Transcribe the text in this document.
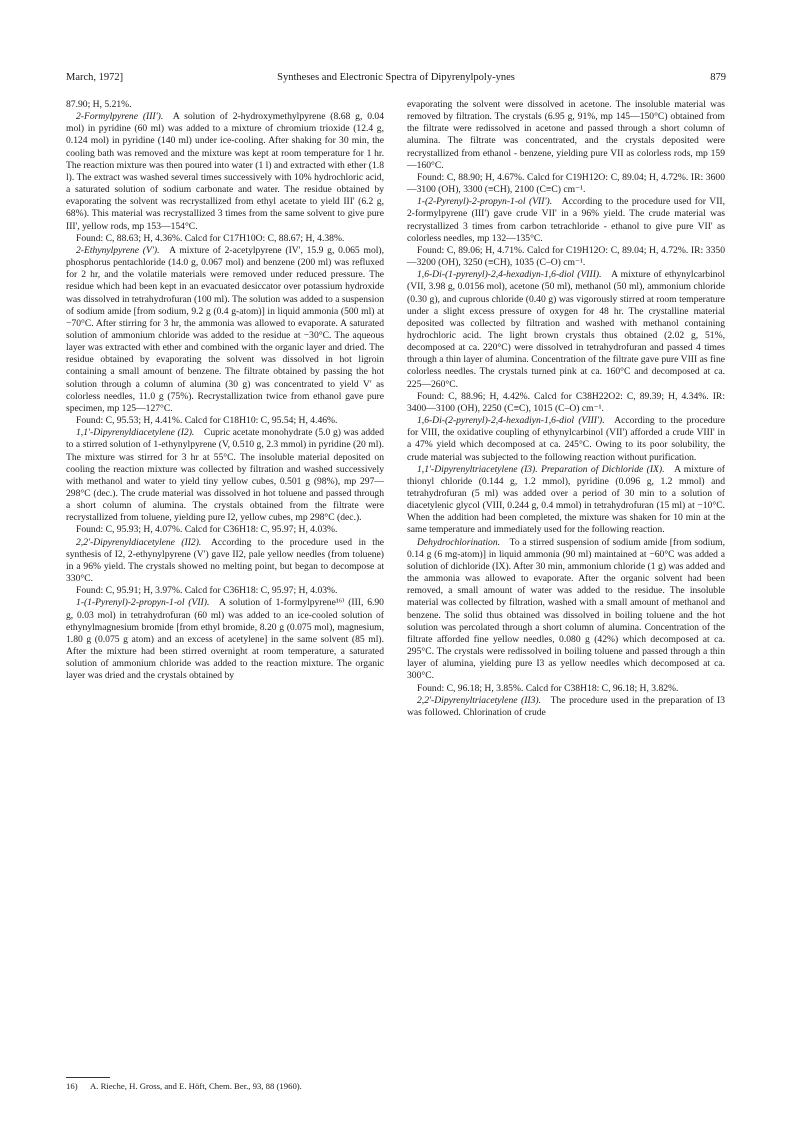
March, 1972]	Syntheses and Electronic Spectra of Dipyrenylpoly-ynes	879

87.90; H, 5.21%.

2-Formylpyrene (III').  A solution of 2-hydroxymethylpyrene (8.68 g, 0.04 mol) in pyridine (60 ml) was added to a mixture of chromium trioxide (12.4 g, 0.124 mol) in pyridine (140 ml) under ice-cooling. After shaking for 30 min, the cooling bath was removed and the mixture was kept at room temperature for 1 hr. The reaction mixture was then poured into water (1 l) and extracted with ether (1.8 l). The extract was washed several times successively with 10% hydrochloric acid, a saturated solution of sodium carbonate and water. The residue obtained by evaporating the solvent was recrystallized from ethyl acetate to yield III' (6.2 g, 68%). This material was recrystallized 3 times from the same solvent to give pure III', yellow rods, mp 153—154°C.

Found: C, 88.63; H, 4.36%. Calcd for C17H10O: C, 88.67; H, 4.38%.

2-Ethynylpyrene (V').  A mixture of 2-acetylpyrene (IV', 15.9 g, 0.065 mol), phosphorus pentachloride (14.0 g, 0.067 mol) and benzene (200 ml) was refluxed for 2 hr, and the volatile materials were removed under reduced pressure. The residue which had been kept in an evacuated desiccator over potassium hydroxide was dissolved in tetrahydrofuran (100 ml). The solution was added to a suspension of sodium amide [from sodium, 9.2 g (0.4 g-atom)] in liquid ammonia (500 ml) at −70°C. After stirring for 3 hr, the ammonia was allowed to evaporate. A saturated solution of ammonium chloride was added to the residue at −30°C. The aqueous layer was extracted with ether and combined with the organic layer and dried. The residue obtained by evaporating the solvent was dissolved in hot ligroin containing a small amount of benzene. The filtrate obtained by passing the hot solution through a column of alumina (30 g) was concentrated to yield V' as colorless needles, 11.0 g (75%). Recrystallization twice from ethanol gave pure specimen, mp 125—127°C.

Found: C, 95.53; H, 4.41%. Calcd for C18H10: C, 95.54; H, 4.46%.

1,1'-Dipyrenyldiacetylene (I2).  Cupric acetate monohydrate (5.0 g) was added to a stirred solution of 1-ethynylpyrene (V, 0.510 g, 2.3 mmol) in pyridine (20 ml). The mixture was stirred for 3 hr at 55°C. The insoluble material deposited on cooling the reaction mixture was collected by filtration and washed successively with methanol and water to yield tiny yellow cubes, 0.501 g (98%), mp 297—298°C (dec.). The crude material was dissolved in hot toluene and passed through a short column of alumina. The crystals obtained from the filtrate were recrystallized from toluene, yielding pure I2, yellow cubes, mp 298°C (dec.).

Found: C, 95.93; H, 4.07%. Calcd for C36H18: C, 95.97; H, 4.03%.

2,2'-Dipyrenyldiacetylene (II2).  According to the procedure used in the synthesis of I2, 2-ethynylpyrene (V') gave II2, pale yellow needles (from toluene) in a 96% yield. The crystals showed no melting point, but began to decompose at 330°C.

Found: C, 95.91; H, 3.97%. Calcd for C36H18: C, 95.97; H, 4.03%.

1-(1-Pyrenyl)-2-propyn-1-ol (VII).  A solution of 1-formylpyrene¹⁶⁾ (III, 6.90 g, 0.03 mol) in tetrahydrofuran (60 ml) was added to an ice-cooled solution of ethynylmagnesium bromide [from ethyl bromide, 8.20 g (0.075 mol), magnesium, 1.80 g (0.075 g atom) and an excess of acetylene] in the same solvent (85 ml). After the mixture had been stirred overnight at room temperature, a saturated solution of ammonium chloride was added to the reaction mixture. The organic layer was dried and the crystals obtained by

evaporating the solvent were dissolved in acetone. The insoluble material was removed by filtration. The crystals (6.95 g, 91%, mp 145—150°C) obtained from the filtrate were redissolved in acetone and passed through a short column of alumina. The filtrate was concentrated, and the crystals deposited were recrystallized from ethanol - benzene, yielding pure VII as colorless rods, mp 159—160°C.

Found: C, 88.90; H, 4.67%. Calcd for C19H12O: C, 89.04; H, 4.72%. IR: 3600—3100 (OH), 3300 (≡CH), 2100 (C≡C) cm⁻¹.

1-(2-Pyrenyl)-2-propyn-1-ol (VII').  According to the procedure used for VII, 2-formylpyrene (III') gave crude VII' in a 96% yield. The crude material was recrystallized 3 times from carbon tetrachloride - ethanol to give pure VII' as colorless needles, mp 132—135°C.

Found: C, 89.06; H, 4.71%. Calcd for C19H12O: C, 89.04; H, 4.72%. IR: 3350—3200 (OH), 3250 (≡CH), 1035 (C–O) cm⁻¹.

1,6-Di-(1-pyrenyl)-2,4-hexadiyn-1,6-diol (VIII).  A mixture of ethynylcarbinol (VII, 3.98 g, 0.0156 mol), acetone (50 ml), methanol (50 ml), ammonium chloride (0.30 g), and cuprous chloride (0.40 g) was vigorously stirred at room temperature under a slight excess pressure of oxygen for 48 hr. The crystalline material deposited was collected by filtration and washed with methanol containing hydrochloric acid. The light brown crystals thus obtained (2.02 g, 51%, decomposed at ca. 220°C) were dissolved in tetrahydrofuran and passed 4 times through a thin layer of alumina. Concentration of the filtrate gave pure VIII as fine colorless needles. The crystals turned pink at ca. 160°C and decomposed at ca. 225—260°C.

Found: C, 88.96; H, 4.42%. Calcd for C38H22O2: C, 89.39; H, 4.34%. IR: 3400—3100 (OH), 2250 (C≡C), 1015 (C–O) cm⁻¹.

1,6-Di-(2-pyrenyl)-2,4-hexadiyn-1,6-diol (VIII').  According to the procedure for VIII, the oxidative coupling of ethynylcarbinol (VII') afforded a crude VIII' in a 47% yield which decomposed at ca. 245°C. Owing to its poor solubility, the crude material was subjected to the following reaction without purification.

1,1'-Dipyrenyltriacetylene (I3). Preparation of Dichloride (IX).  A mixture of thionyl chloride (0.144 g, 1.2 mmol), pyridine (0.096 g, 1.2 mmol) and tetrahydrofuran (5 ml) was added over a period of 30 min to a solution of diacetylenic glycol (VIII, 0.244 g, 0.4 mmol) in tetrahydrofuran (15 ml) at −10°C. When the addition had been completed, the mixture was shaken for 10 min at the same temperature and immediately used for the following reaction.

Dehydrochlorination.  To a stirred suspension of sodium amide [from sodium, 0.14 g (6 mg-atom)] in liquid ammonia (90 ml) maintained at −60°C was added a solution of dichloride (IX). After 30 min, ammonium chloride (1 g) was added and the ammonia was allowed to evaporate. After the organic solvent had been removed, a small amount of water was added to the residue. The insoluble material was collected by filtration, washed with a small amount of methanol and benzene. The solid thus obtained was dissolved in boiling toluene and the hot solution was percolated through a short column of alumina. Concentration of the filtrate afforded fine yellow needles, 0.080 g (42%) which decomposed at ca. 295°C. The crystals were redissolved in boiling toluene and passed through a thin layer of alumina, yielding pure I3 as yellow needles which decomposed at ca. 300°C.

Found: C, 96.18; H, 3.85%. Calcd for C38H18: C, 96.18; H, 3.82%.

2,2'-Dipyrenyltriacetylene (II3).  The procedure used in the preparation of I3 was followed. Chlorination of crude

16) A. Rieche, H. Gross, and E. Höft, Chem. Ber., 93, 88 (1960).
